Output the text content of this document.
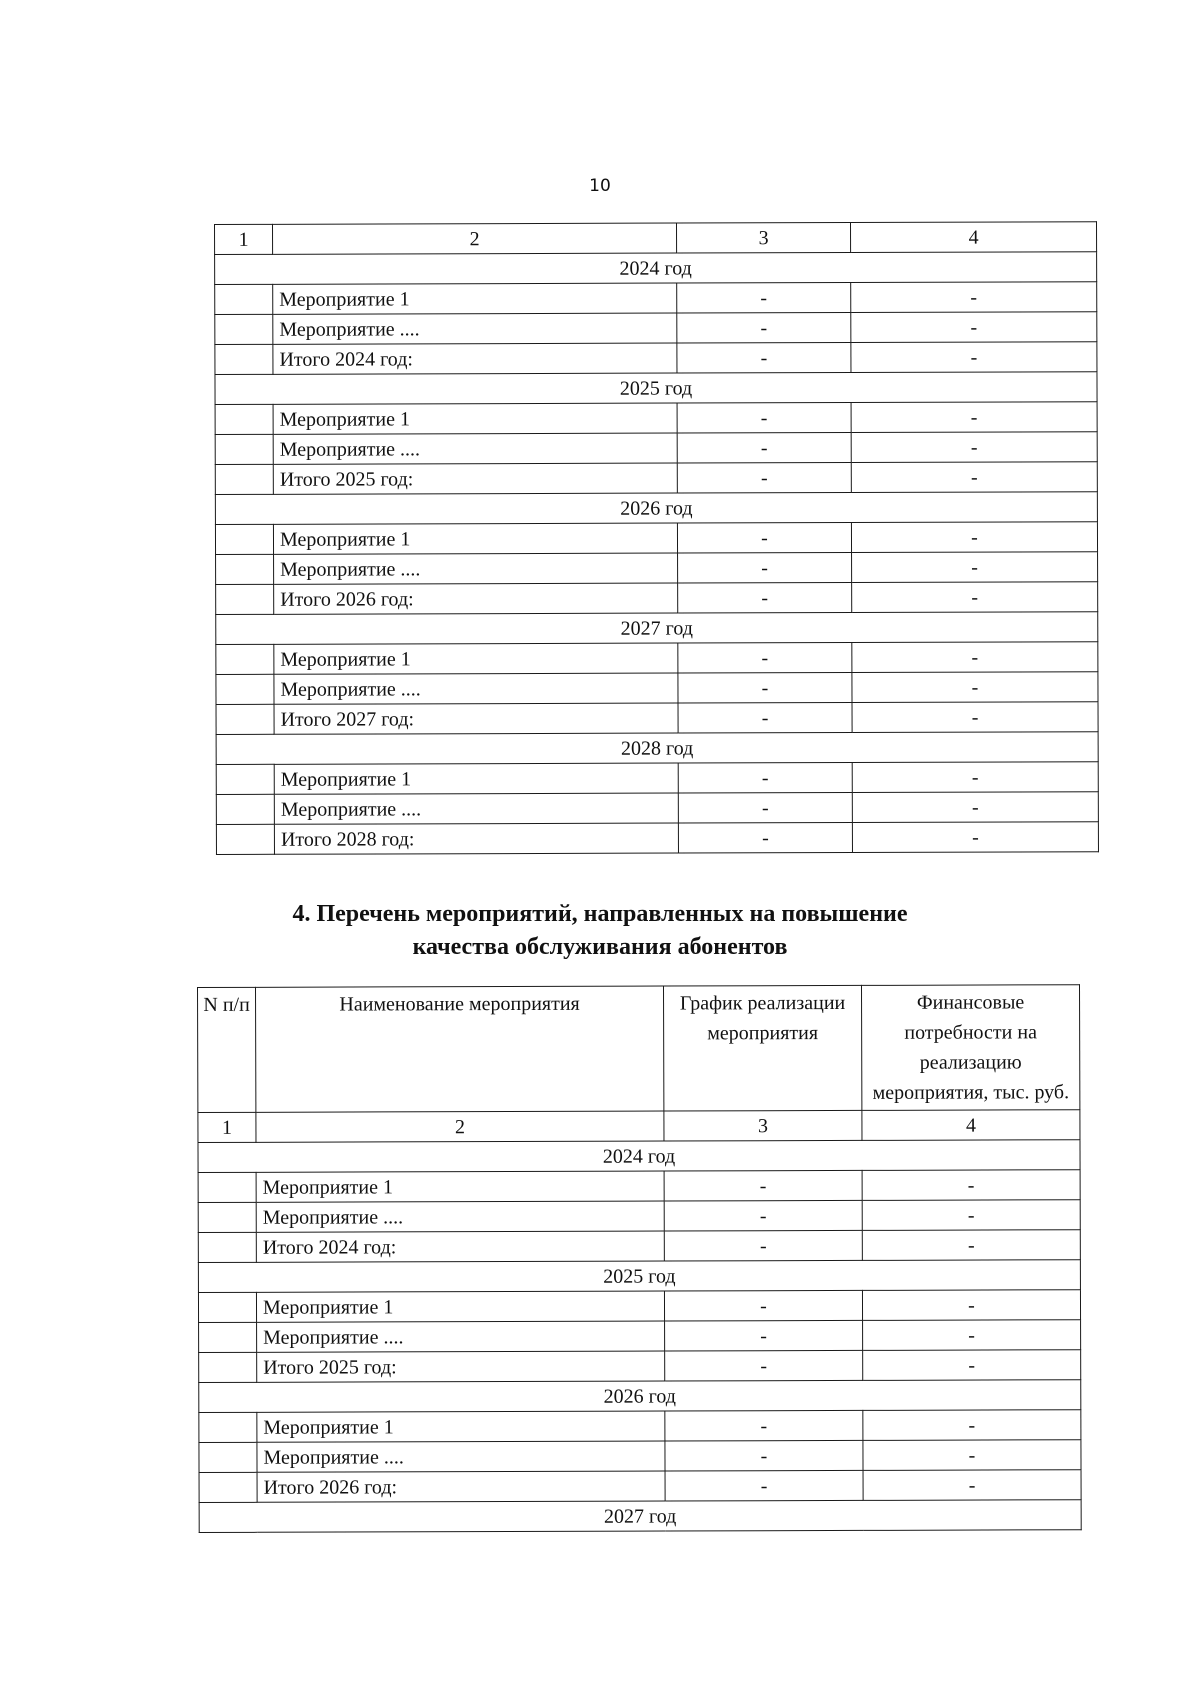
10
1	2	3	4
2024 год			
	Мероприятие 1	-	-
	Мероприятие ....	-	-
	Итого 2024 год:	-	-
2025 год			
	Мероприятие 1	-	-
	Мероприятие ....	-	-
	Итого 2025 год:	-	-
2026 год			
	Мероприятие 1	-	-
	Мероприятие ....	-	-
	Итого 2026 год:	-	-
2027 год			
	Мероприятие 1	-	-
	Мероприятие ....	-	-
	Итого 2027 год:	-	-
2028 год			
	Мероприятие 1	-	-
	Мероприятие ....	-	-
	Итого 2028 год:	-	-
4. Перечень мероприятий, направленных на повышение
качества обслуживания абонентов
N п/п	Наименование мероприятия	График реализации мероприятия	Финансовые потребности на реализацию мероприятия, тыс. руб.
1	2	3	4
2024 год			
	Мероприятие 1	-	-
	Мероприятие ....	-	-
	Итого 2024 год:	-	-
2025 год			
	Мероприятие 1	-	-
	Мероприятие ....	-	-
	Итого 2025 год:	-	-
2026 год			
	Мероприятие 1	-	-
	Мероприятие ....	-	-
	Итого 2026 год:	-	-
2027 год			
